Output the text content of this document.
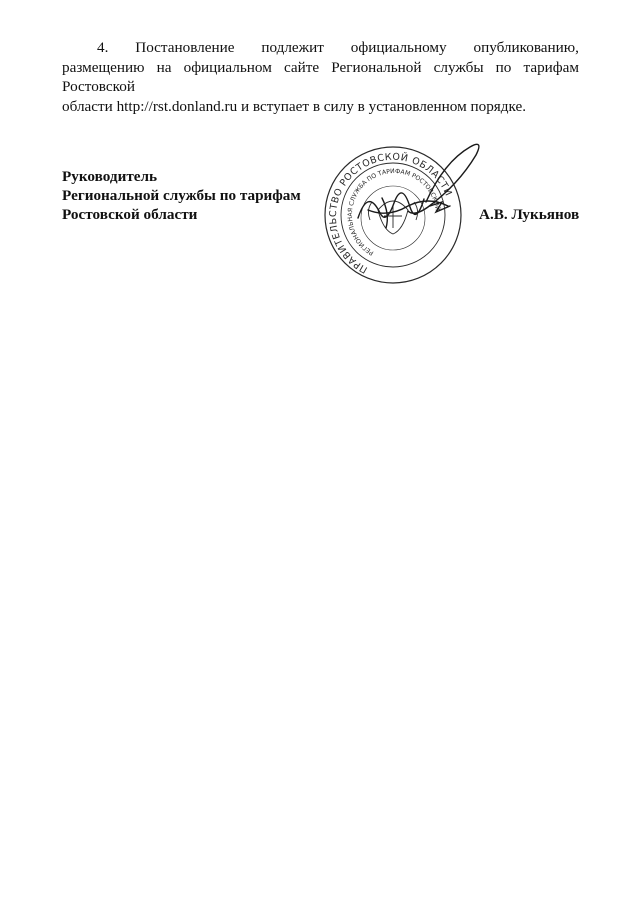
4. Постановление подлежит официальному опубликованию,
размещению на официальном сайте Региональной службы по тарифам Ростовской
области http://rst.donland.ru и вступает в силу в установленном порядке.
Руководитель
Региональной службы по тарифам
Ростовской области
ПРАВИТЕЛЬСТВО РОСТОВСКОЙ ОБЛАСТИ
РЕГИОНАЛЬНАЯ СЛУЖБА ПО ТАРИФАМ РОСТОВСКОЙ	А.В. Лукьянов
